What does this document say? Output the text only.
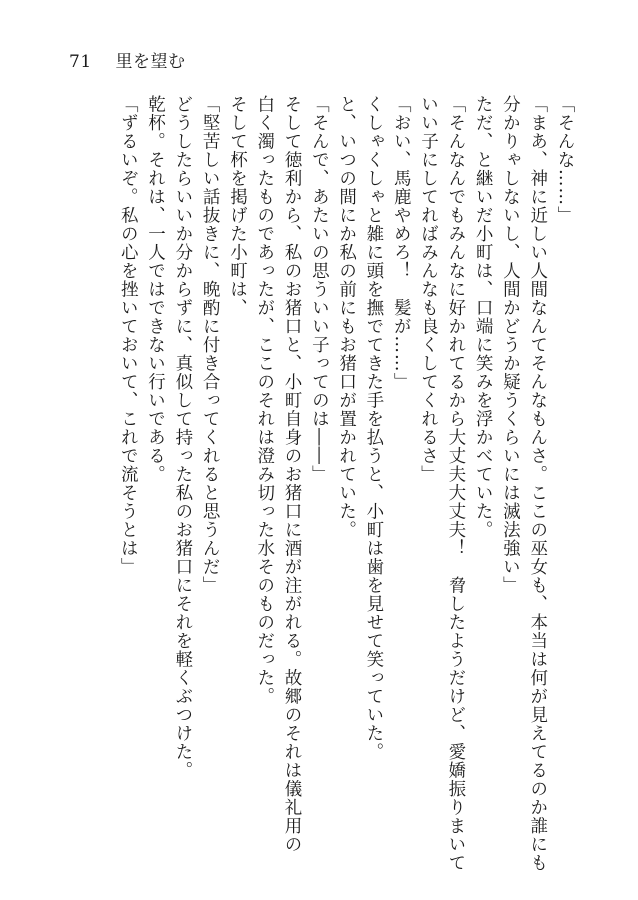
71 里を望む
「そんな……」
「まあ、神に近しい人間なんてそんなもんさ。ここの巫女も、本当は何が見えてるのか誰にも
分かりゃしないし、人間かどうか疑うくらいには滅法強い」
ただ、と継いだ小町は、口端に笑みを浮かべていた。
「そんなんでもみんなに好かれてるから大丈夫大丈夫！　脅したようだけど、愛嬌振りまいて
いい子にしてればみんなも良くしてくれるさ」
「おい、馬鹿やめろ！　髪が……」
くしゃくしゃと雑に頭を撫でてきた手を払うと、小町は歯を見せて笑っていた。
と、いつの間にか私の前にもお猪口が置かれていた。
「そんで、あたいの思ういい子ってのは――」
そして徳利から、私のお猪口と、小町自身のお猪口に酒が注がれる。故郷のそれは儀礼用の
白く濁ったものであったが、ここのそれは澄み切った水そのものだった。
そして杯を掲げた小町は、
「堅苦しい話抜きに、晩酌に付き合ってくれると思うんだ」
どうしたらいいか分からずに、真似して持った私のお猪口にそれを軽くぶつけた。
乾杯。それは、一人ではできない行いである。
「ずるいぞ。私の心を挫いておいて、これで流そうとは」
